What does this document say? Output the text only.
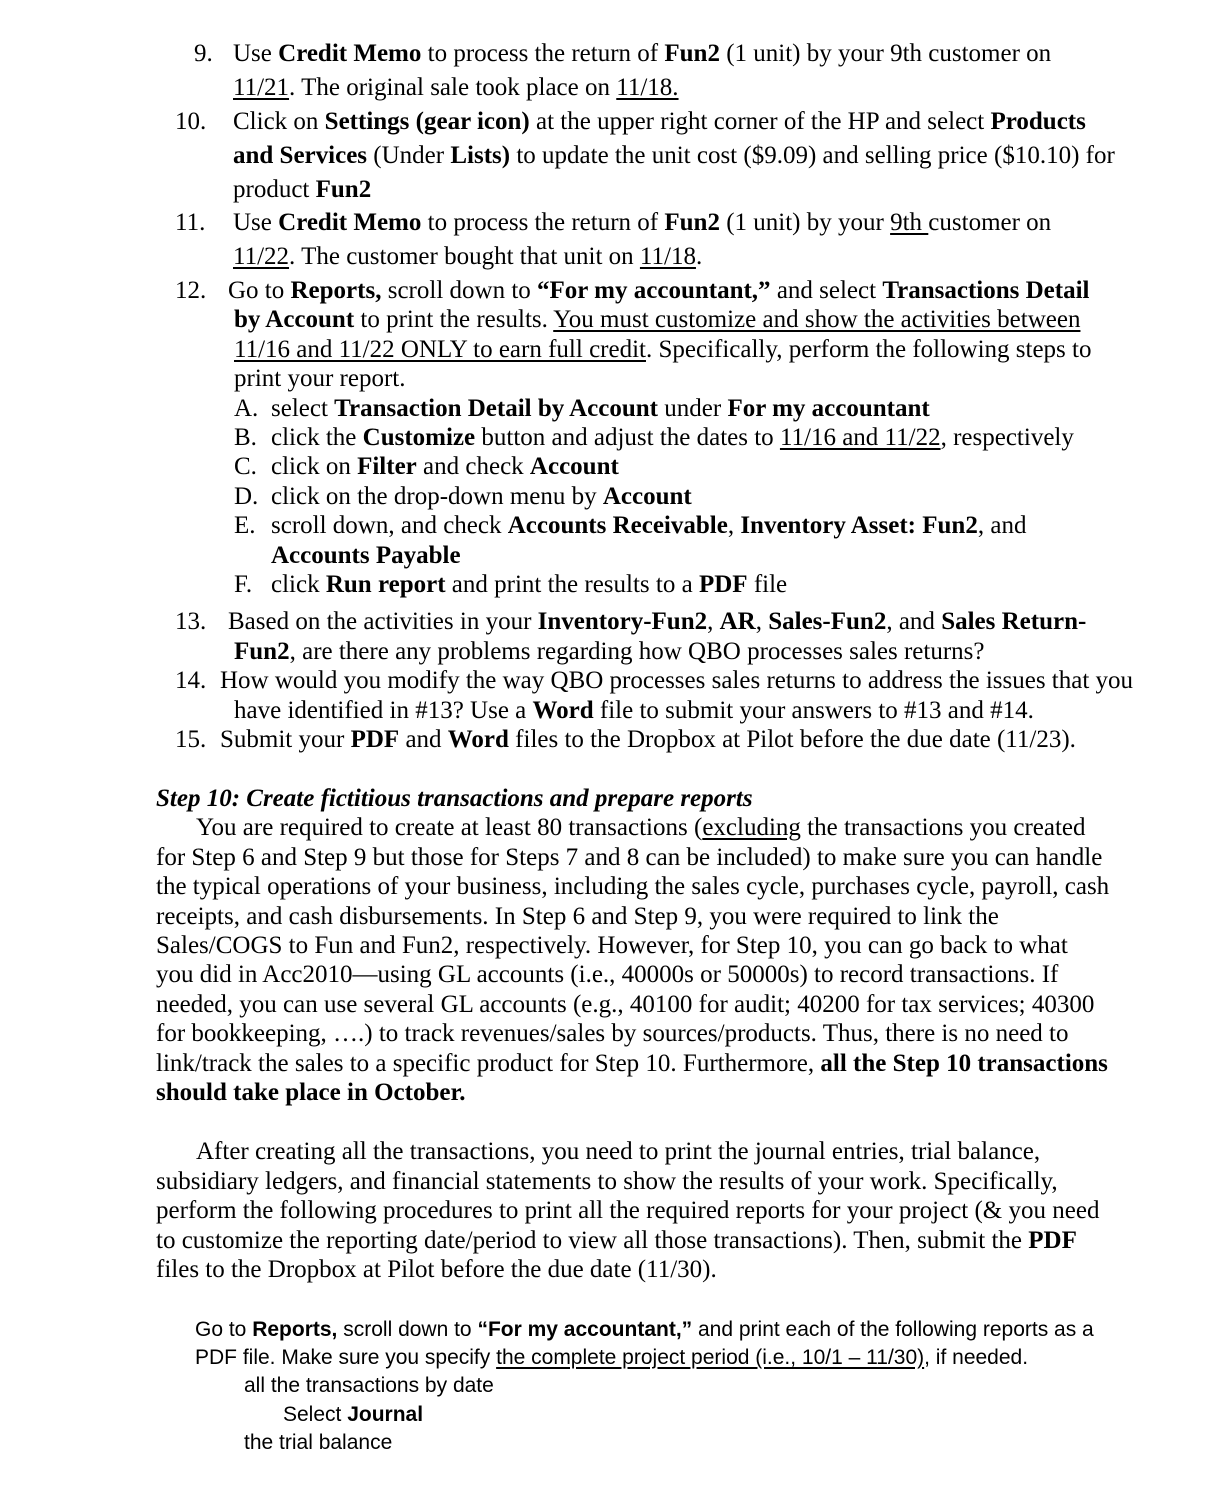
9. Use Credit Memo to process the return of Fun2 (1 unit) by your 9th customer on
11/21. The original sale took place on 11/18.
10. Click on Settings (gear icon) at the upper right corner of the HP and select Products
and Services (Under Lists) to update the unit cost ($9.09) and selling price ($10.10) for
product Fun2
11. Use Credit Memo to process the return of Fun2 (1 unit) by your 9th customer on
11/22. The customer bought that unit on 11/18.
12. Go to Reports, scroll down to “For my accountant,” and select Transactions Detail
by Account to print the results. You must customize and show the activities between
11/16 and 11/22 ONLY to earn full credit. Specifically, perform the following steps to
print your report.
A. select Transaction Detail by Account under For my accountant
B. click the Customize button and adjust the dates to 11/16 and 11/22, respectively
C. click on Filter and check Account
D. click on the drop-down menu by Account
E. scroll down, and check Accounts Receivable, Inventory Asset: Fun2, and
Accounts Payable
F. click Run report and print the results to a PDF file
13. Based on the activities in your Inventory-Fun2, AR, Sales-Fun2, and Sales Return-
Fun2, are there any problems regarding how QBO processes sales returns?
14. How would you modify the way QBO processes sales returns to address the issues that you
have identified in #13? Use a Word file to submit your answers to #13 and #14.
15. Submit your PDF and Word files to the Dropbox at Pilot before the due date (11/23).
Step 10: Create fictitious transactions and prepare reports
You are required to create at least 80 transactions (excluding the transactions you created
for Step 6 and Step 9 but those for Steps 7 and 8 can be included) to make sure you can handle
the typical operations of your business, including the sales cycle, purchases cycle, payroll, cash
receipts, and cash disbursements. In Step 6 and Step 9, you were required to link the
Sales/COGS to Fun and Fun2, respectively. However, for Step 10, you can go back to what
you did in Acc2010—using GL accounts (i.e., 40000s or 50000s) to record transactions. If
needed, you can use several GL accounts (e.g., 40100 for audit; 40200 for tax services; 40300
for bookkeeping, ….) to track revenues/sales by sources/products. Thus, there is no need to
link/track the sales to a specific product for Step 10. Furthermore, all the Step 10 transactions
should take place in October.
After creating all the transactions, you need to print the journal entries, trial balance,
subsidiary ledgers, and financial statements to show the results of your work. Specifically,
perform the following procedures to print all the required reports for your project (& you need
to customize the reporting date/period to view all those transactions). Then, submit the PDF
files to the Dropbox at Pilot before the due date (11/30).
Go to Reports, scroll down to “For my accountant,” and print each of the following reports as a
PDF file. Make sure you specify the complete project period (i.e., 10/1 – 11/30), if needed.
all the transactions by date
Select Journal
the trial balance
